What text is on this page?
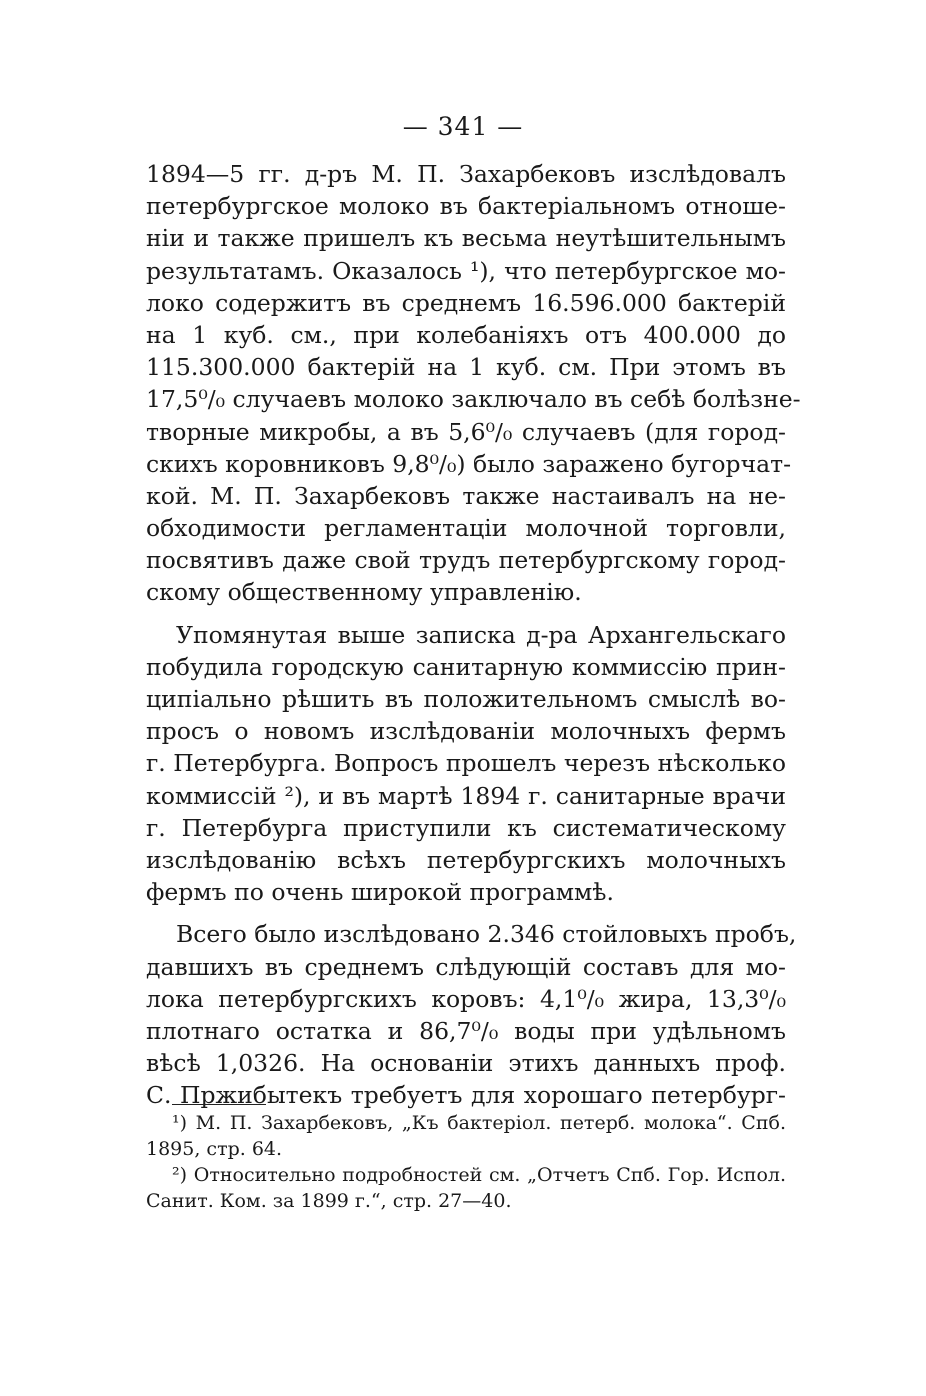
— 341 —
1894—5 гг. д-ръ М. П. Захарбековъ изслѣдовалъ
петербургское молоко въ бактеріальномъ отноше-
ніи и также пришелъ къ весьма неутѣшительнымъ
результатамъ. Оказалось ¹), что петербургское мо-
локо содержитъ въ среднемъ 16.596.000 бактерій
на 1 куб. см., при колебаніяхъ отъ 400.000 до
115.300.000 бактерій на 1 куб. см. При этомъ въ
17,5⁰/₀ случаевъ молоко заключало въ себѣ болѣзне-
творные микробы, а въ 5,6⁰/₀ случаевъ (для город-
скихъ коровниковъ 9,8⁰/₀) было заражено бугорчат-
кой. М. П. Захарбековъ также настаивалъ на не-
обходимости регламентаціи молочной торговли,
посвятивъ даже свой трудъ петербургскому город-
скому общественному управленію.
Упомянутая выше записка д-ра Архангельскаго
побудила городскую санитарную коммиссію прин-
ципіально рѣшить въ положительномъ смыслѣ во-
просъ о новомъ изслѣдованіи молочныхъ фермъ
г. Петербурга. Вопросъ прошелъ черезъ нѣсколько
коммиссій ²), и въ мартѣ 1894 г. санитарные врачи
г. Петербурга приступили къ систематическому
изслѣдованію всѣхъ петербургскихъ молочныхъ
фермъ по очень широкой программѣ.
Всего было изслѣдовано 2.346 стойловыхъ пробъ,
давшихъ въ среднемъ слѣдующій составъ для мо-
лока петербургскихъ коровъ: 4,1⁰/₀ жира, 13,3⁰/₀
плотнаго остатка и 86,7⁰/₀ воды при удѣльномъ
вѣсѣ 1,0326. На основаніи этихъ данныхъ проф.
С. Пржибытекъ требуетъ для хорошаго петербург-
¹) М. П. Захарбековъ, „Къ бактеріол. петерб. молока“. Спб.
1895, стр. 64.
²) Относительно подробностей см. „Отчетъ Спб. Гор. Испол.
Санит. Ком. за 1899 г.“, стр. 27—40.
